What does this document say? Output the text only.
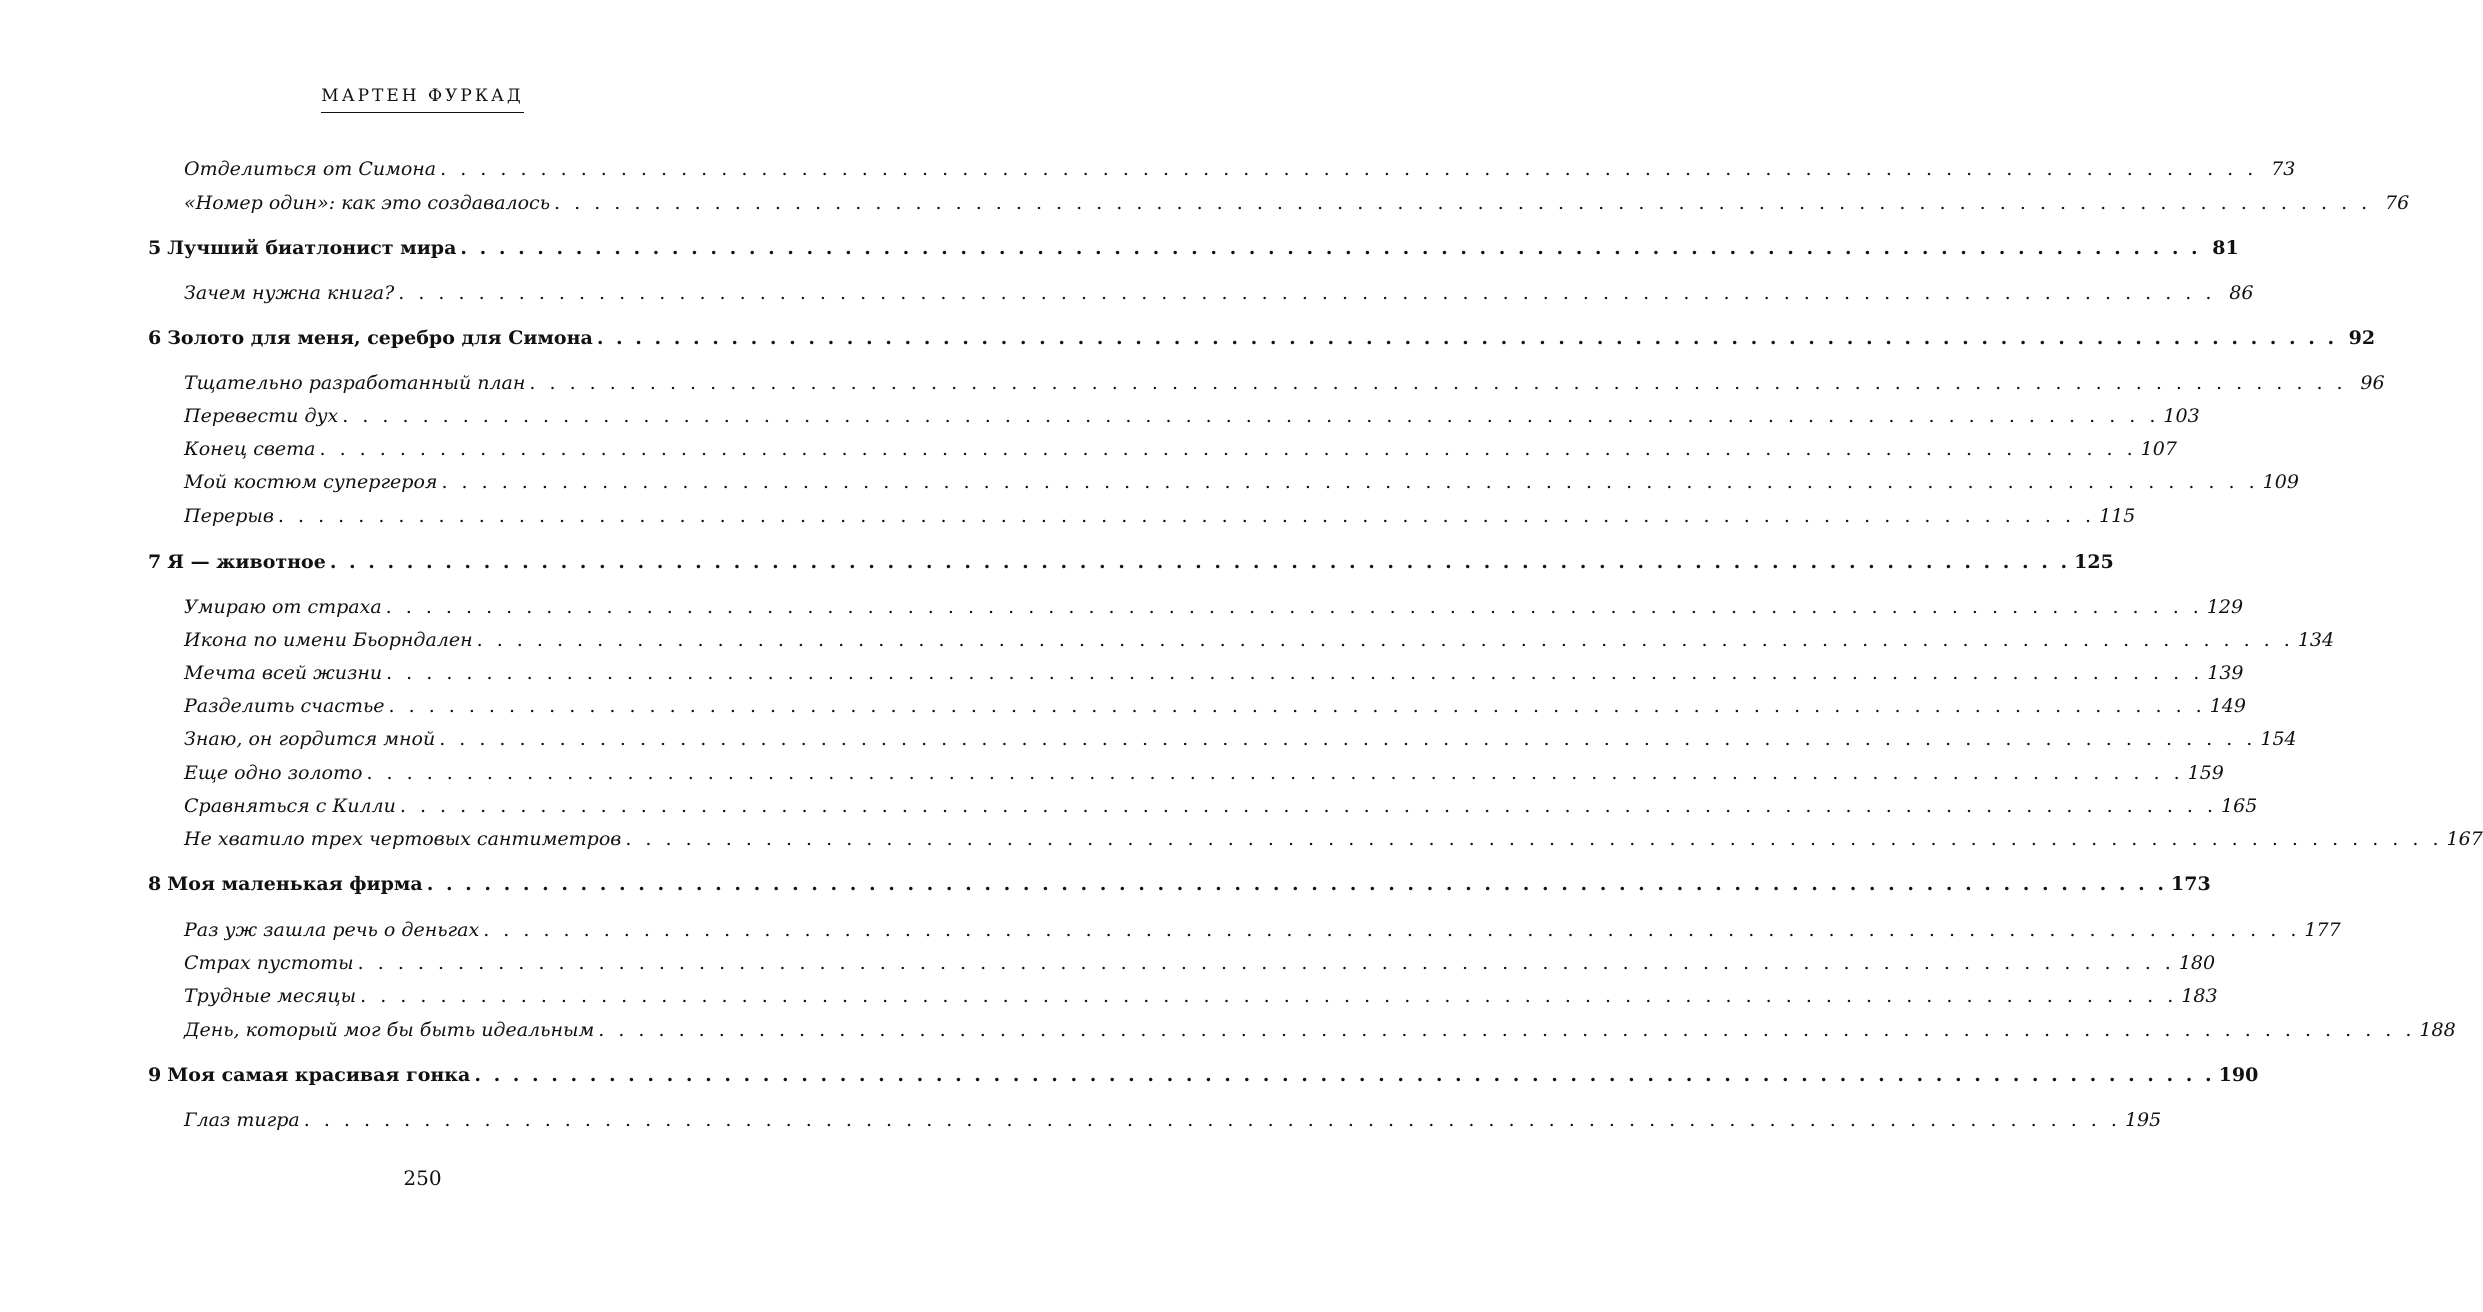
МАРТЕН ФУРКАД
Отделиться от Симона . . . . . . . . . . . . . . . . . . . . . . . . . . . . . . . . . . . . . . . . . . . . . . . . . . . . . . . . . . . . . . . . . . . . . . . . . . . . . . . . . . . . . . . . . . . 73
«Номер один»: как это создавалось . . . . . . . . . . . . . . . . . . . . . . . . . . . . . . . . . . . . . . . . . . . . . . . . . . . . . . . . . . . . . . . . . . . . . . . . . . . . . . . . . . . . . . . . . . . 76
5 Лучший биатлонист мира . . . . . . . . . . . . . . . . . . . . . . . . . . . . . . . . . . . . . . . . . . . . . . . . . . . . . . . . . . . . . . . . . . . . . . . . . . . . . . . . . . . . . . . . . . . 81
Зачем нужна книга? . . . . . . . . . . . . . . . . . . . . . . . . . . . . . . . . . . . . . . . . . . . . . . . . . . . . . . . . . . . . . . . . . . . . . . . . . . . . . . . . . . . . . . . . . . . 86
6 Золото для меня, серебро для Симона . . . . . . . . . . . . . . . . . . . . . . . . . . . . . . . . . . . . . . . . . . . . . . . . . . . . . . . . . . . . . . . . . . . . . . . . . . . . . . . . . . . . . . . . . . . 92
Тщательно разработанный план . . . . . . . . . . . . . . . . . . . . . . . . . . . . . . . . . . . . . . . . . . . . . . . . . . . . . . . . . . . . . . . . . . . . . . . . . . . . . . . . . . . . . . . . . . . 96
Перевести дух . . . . . . . . . . . . . . . . . . . . . . . . . . . . . . . . . . . . . . . . . . . . . . . . . . . . . . . . . . . . . . . . . . . . . . . . . . . . . . . . . . . . . . . . . . . 103
Конец света . . . . . . . . . . . . . . . . . . . . . . . . . . . . . . . . . . . . . . . . . . . . . . . . . . . . . . . . . . . . . . . . . . . . . . . . . . . . . . . . . . . . . . . . . . . 107
Мой костюм супергероя . . . . . . . . . . . . . . . . . . . . . . . . . . . . . . . . . . . . . . . . . . . . . . . . . . . . . . . . . . . . . . . . . . . . . . . . . . . . . . . . . . . . . . . . . . . 109
Перерыв . . . . . . . . . . . . . . . . . . . . . . . . . . . . . . . . . . . . . . . . . . . . . . . . . . . . . . . . . . . . . . . . . . . . . . . . . . . . . . . . . . . . . . . . . . . 115
7 Я — животное . . . . . . . . . . . . . . . . . . . . . . . . . . . . . . . . . . . . . . . . . . . . . . . . . . . . . . . . . . . . . . . . . . . . . . . . . . . . . . . . . . . . . . . . . . . 125
Умираю от страха . . . . . . . . . . . . . . . . . . . . . . . . . . . . . . . . . . . . . . . . . . . . . . . . . . . . . . . . . . . . . . . . . . . . . . . . . . . . . . . . . . . . . . . . . . . 129
Икона по имени Бьорндален . . . . . . . . . . . . . . . . . . . . . . . . . . . . . . . . . . . . . . . . . . . . . . . . . . . . . . . . . . . . . . . . . . . . . . . . . . . . . . . . . . . . . . . . . . . 134
Мечта всей жизни . . . . . . . . . . . . . . . . . . . . . . . . . . . . . . . . . . . . . . . . . . . . . . . . . . . . . . . . . . . . . . . . . . . . . . . . . . . . . . . . . . . . . . . . . . . 139
Разделить счастье . . . . . . . . . . . . . . . . . . . . . . . . . . . . . . . . . . . . . . . . . . . . . . . . . . . . . . . . . . . . . . . . . . . . . . . . . . . . . . . . . . . . . . . . . . . 149
Знаю, он гордится мной . . . . . . . . . . . . . . . . . . . . . . . . . . . . . . . . . . . . . . . . . . . . . . . . . . . . . . . . . . . . . . . . . . . . . . . . . . . . . . . . . . . . . . . . . . . 154
Еще одно золото . . . . . . . . . . . . . . . . . . . . . . . . . . . . . . . . . . . . . . . . . . . . . . . . . . . . . . . . . . . . . . . . . . . . . . . . . . . . . . . . . . . . . . . . . . . 159
Сравняться с Килли . . . . . . . . . . . . . . . . . . . . . . . . . . . . . . . . . . . . . . . . . . . . . . . . . . . . . . . . . . . . . . . . . . . . . . . . . . . . . . . . . . . . . . . . . . . 165
Не хватило трех чертовых сантиметров . . . . . . . . . . . . . . . . . . . . . . . . . . . . . . . . . . . . . . . . . . . . . . . . . . . . . . . . . . . . . . . . . . . . . . . . . . . . . . . . . . . . . . . . . . . 167
8 Моя маленькая фирма . . . . . . . . . . . . . . . . . . . . . . . . . . . . . . . . . . . . . . . . . . . . . . . . . . . . . . . . . . . . . . . . . . . . . . . . . . . . . . . . . . . . . . . . . . . 173
Раз уж зашла речь о деньгах . . . . . . . . . . . . . . . . . . . . . . . . . . . . . . . . . . . . . . . . . . . . . . . . . . . . . . . . . . . . . . . . . . . . . . . . . . . . . . . . . . . . . . . . . . . 177
Страх пустоты . . . . . . . . . . . . . . . . . . . . . . . . . . . . . . . . . . . . . . . . . . . . . . . . . . . . . . . . . . . . . . . . . . . . . . . . . . . . . . . . . . . . . . . . . . . 180
Трудные месяцы . . . . . . . . . . . . . . . . . . . . . . . . . . . . . . . . . . . . . . . . . . . . . . . . . . . . . . . . . . . . . . . . . . . . . . . . . . . . . . . . . . . . . . . . . . . 183
День, который мог бы быть идеальным . . . . . . . . . . . . . . . . . . . . . . . . . . . . . . . . . . . . . . . . . . . . . . . . . . . . . . . . . . . . . . . . . . . . . . . . . . . . . . . . . . . . . . . . . . . 188
9 Моя самая красивая гонка . . . . . . . . . . . . . . . . . . . . . . . . . . . . . . . . . . . . . . . . . . . . . . . . . . . . . . . . . . . . . . . . . . . . . . . . . . . . . . . . . . . . . . . . . . . 190
Глаз тигра . . . . . . . . . . . . . . . . . . . . . . . . . . . . . . . . . . . . . . . . . . . . . . . . . . . . . . . . . . . . . . . . . . . . . . . . . . . . . . . . . . . . . . . . . . . 195
250
